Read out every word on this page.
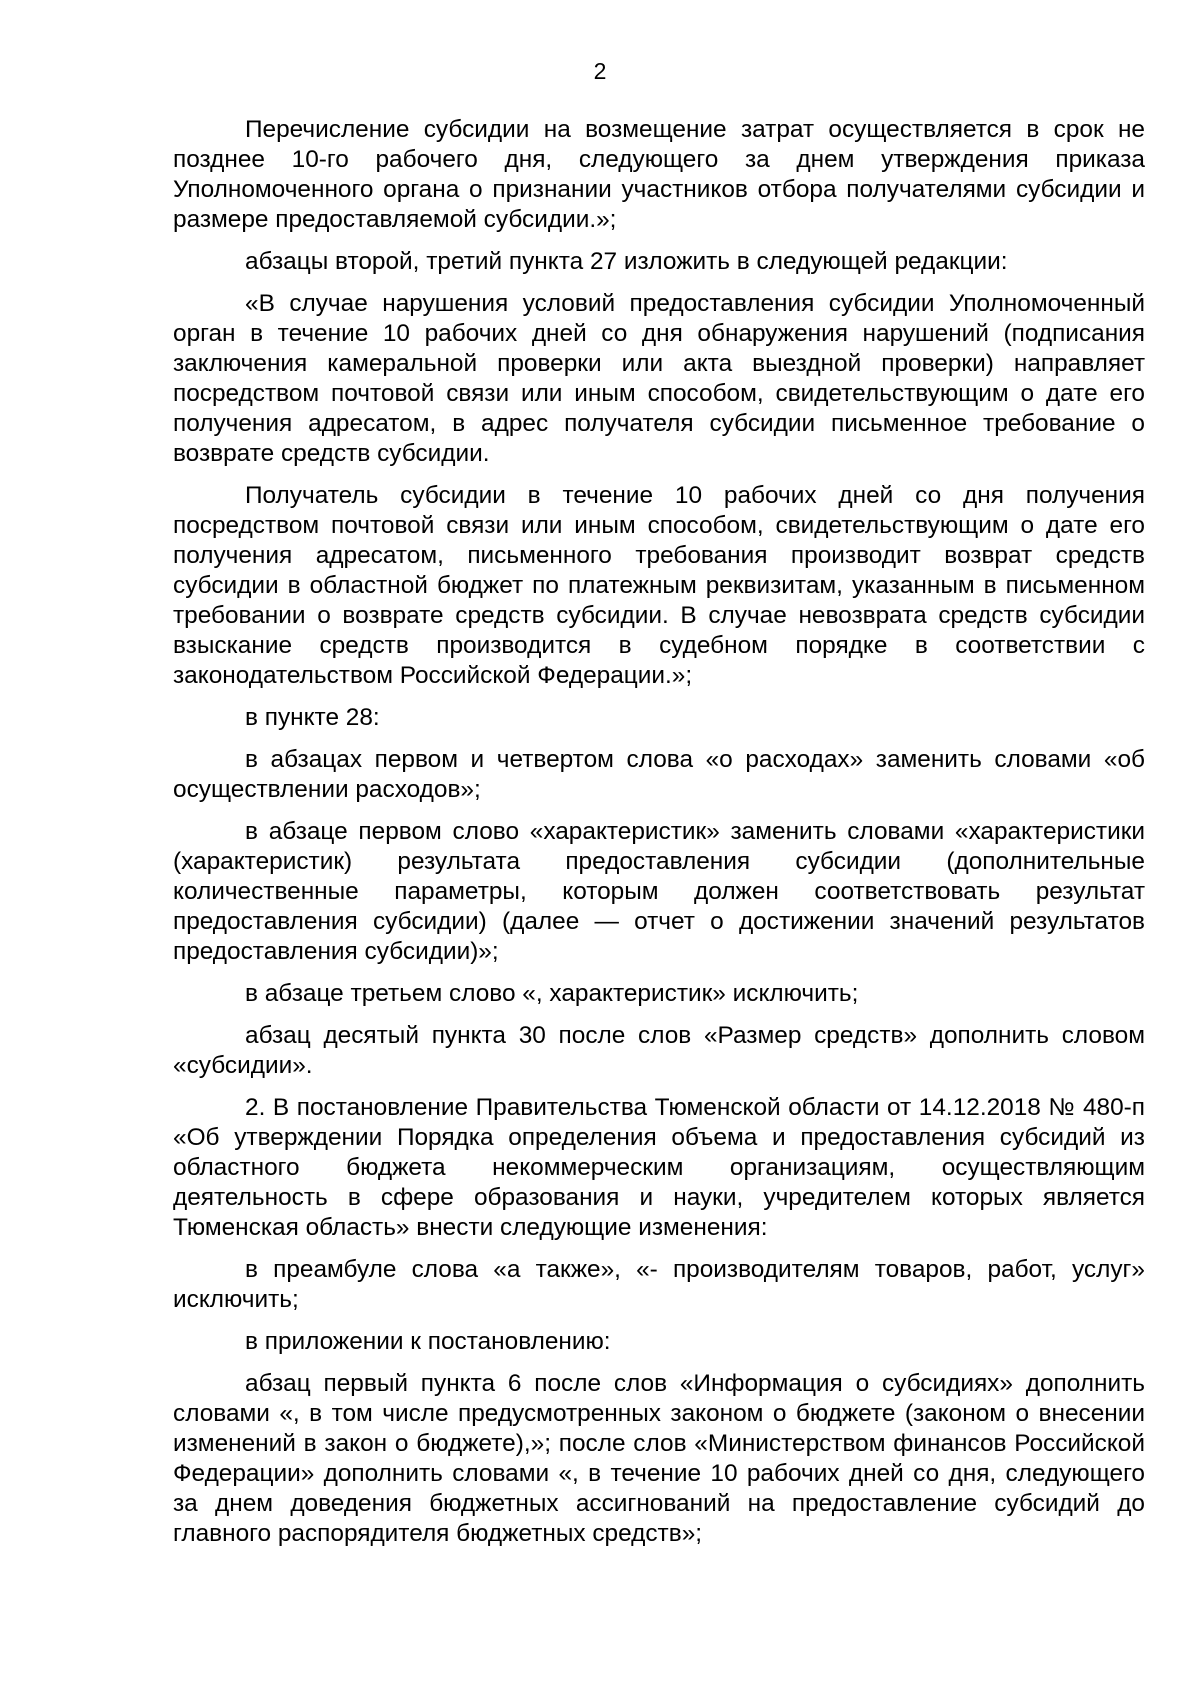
2

Перечисление субсидии на возмещение затрат осуществляется в срок не позднее 10-го рабочего дня, следующего за днем утверждения приказа Уполномоченного органа о признании участников отбора получателями субсидии и размере предоставляемой субсидии.»;

абзацы второй, третий пункта 27 изложить в следующей редакции:

«В случае нарушения условий предоставления субсидии Уполномоченный орган в течение 10 рабочих дней со дня обнаружения нарушений (подписания заключения камеральной проверки или акта выездной проверки) направляет посредством почтовой связи или иным способом, свидетельствующим о дате его получения адресатом, в адрес получателя субсидии письменное требование о возврате средств субсидии.

Получатель субсидии в течение 10 рабочих дней со дня получения посредством почтовой связи или иным способом, свидетельствующим о дате его получения адресатом, письменного требования производит возврат средств субсидии в областной бюджет по платежным реквизитам, указанным в письменном требовании о возврате средств субсидии. В случае невозврата средств субсидии взыскание средств производится в судебном порядке в соответствии с законодательством Российской Федерации.»;

в пункте 28:

в абзацах первом и четвертом слова «о расходах» заменить словами «об осуществлении расходов»;

в абзаце первом слово «характеристик» заменить словами «характеристики (характеристик) результата предоставления субсидии (дополнительные количественные параметры, которым должен соответствовать результат предоставления субсидии) (далее — отчет о достижении значений результатов предоставления субсидии)»;

в абзаце третьем слово «, характеристик» исключить;

абзац десятый пункта 30 после слов «Размер средств» дополнить словом «субсидии».

2. В постановление Правительства Тюменской области от 14.12.2018 № 480-п «Об утверждении Порядка определения объема и предоставления субсидий из областного бюджета некоммерческим организациям, осуществляющим деятельность в сфере образования и науки, учредителем которых является Тюменская область» внести следующие изменения:

в преамбуле слова «а также», «- производителям товаров, работ, услуг» исключить;

в приложении к постановлению:

абзац первый пункта 6 после слов «Информация о субсидиях» дополнить словами «, в том числе предусмотренных законом о бюджете (законом о внесении изменений в закон о бюджете),»; после слов «Министерством финансов Российской Федерации» дополнить словами «, в течение 10 рабочих дней со дня, следующего за днем доведения бюджетных ассигнований на предоставление субсидий до главного распорядителя бюджетных средств»;
